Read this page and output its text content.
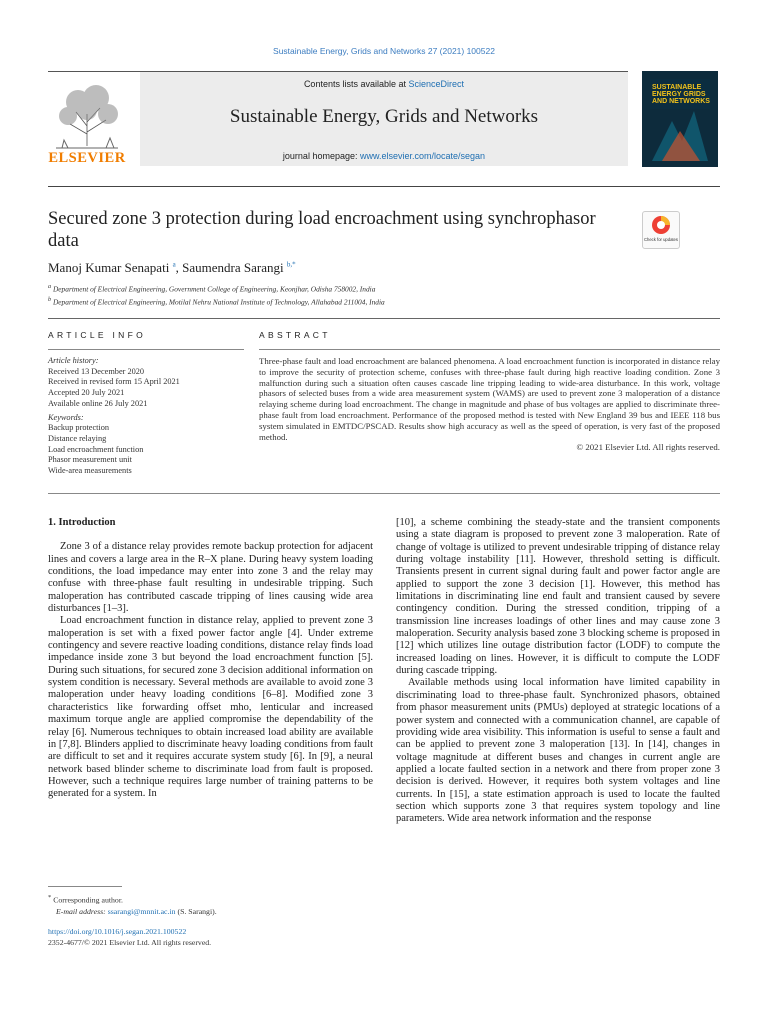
Sustainable Energy, Grids and Networks 27 (2021) 100522
ELSEVIER
Contents lists available at ScienceDirect
Sustainable Energy, Grids and Networks
journal homepage: www.elsevier.com/locate/segan
SUSTAINABLE ENERGY GRIDS AND NETWORKS
Secured zone 3 protection during load encroachment using synchrophasor data	Check for updates
Manoj Kumar Senapati $^a$, Saumendra Sarangi $^{b,*}$
$^a$ Department of Electrical Engineering, Government College of Engineering, Keonjhar, Odisha 758002, India
$^b$ Department of Electrical Engineering, Motilal Nehru National Institute of Technology, Allahabad 211004, India
ARTICLE INFO	ABSTRACT
Article history:
Received 13 December 2020
Received in revised form 15 April 2021
Accepted 20 July 2021
Available online 26 July 2021
Keywords:
Backup protection
Distance relaying
Load encroachment function
Phasor measurement unit
Wide-area measurements
Three-phase fault and load encroachment are balanced phenomena. A load encroachment function is incorporated in distance relay to improve the security of protection scheme, confuses with three-phase fault during high reactive loading condition. Zone 3 malfunction during such a situation often causes cascade line tripping leading to wide-area disturbance. In this work, voltage phasors of selected buses from a wide area measurement system (WAMS) are used to prevent zone 3 maloperation of a distance relaying scheme during load encroachment. The change in magnitude and phase of bus voltages are applied to discriminate three-phase fault from load encroachment. Performance of the proposed method is tested with New England 39 bus and IEEE 118 bus system simulated in EMTDC/PSCAD. Results show high accuracy as well as the speed of operation, is very fast of the proposed method.
© 2021 Elsevier Ltd. All rights reserved.
1. Introduction

Zone 3 of a distance relay provides remote backup protection for adjacent lines and covers a large area in the R–X plane. During heavy system loading conditions, the load impedance may enter into zone 3 and the relay may confuse with three-phase fault resulting in undesirable tripping. Such maloperation has contributed cascade tripping of lines causing wide area disturbances [1–3].

Load encroachment function in distance relay, applied to prevent zone 3 maloperation is set with a fixed power factor angle [4]. Under extreme contingency and severe reactive loading conditions, distance relay finds load impedance inside zone 3 but beyond the load encroachment function [5]. During such situations, for secured zone 3 decision additional information on system condition is necessary. Several methods are available to avoid zone 3 maloperation under heavy loading conditions [6–8]. Modified zone 3 characteristics like forwarding offset mho, lenticular and increased maximum torque angle are applied compromise the dependability of the relay [6]. Numerous techniques to obtain increased load ability are available in [7,8]. Blinders applied to discriminate heavy loading conditions from fault are difficult to set and it requires accurate system study [6]. In [9], a neural network based blinder scheme to discriminate load from fault is proposed. However, such a technique requires large number of training patterns to be generated for a system. In

[10], a scheme combining the steady-state and the transient components using a state diagram is proposed to prevent zone 3 maloperation. Rate of change of voltage is utilized to prevent undesirable tripping of distance relay during voltage instability [11]. However, threshold setting is difficult. Transients present in current signal during fault and power factor angle are applied to support the zone 3 decision [1]. However, this method has limitations in discriminating line end fault and transient caused by severe contingency condition. During the stressed condition, tripping of a transmission line increases loadings of other lines and may cause zone 3 maloperation. Security analysis based zone 3 blocking scheme is proposed in [12] which utilizes line outage distribution factor (LODF) to compute the increased loading on lines. However, it is difficult to compute the LODF during cascade tripping.

Available methods using local information have limited capability in discriminating load to three-phase fault. Synchronized phasors, obtained from phasor measurement units (PMUs) deployed at strategic locations of a power system and connected with a communication channel, are capable of providing wide area visibility. This information is useful to sense a fault and can be applied to prevent zone 3 maloperation [13]. In [14], changes in voltage magnitude at different buses and changes in current angle are applied a locate faulted section in a network and there from proper zone 3 decision is derived. However, it requires both system voltages and line currents. In [15], a state estimation approach is used to locate the faulted section which supports zone 3 that requires system topology and line parameters. Wide area network information and the response

* Corresponding author.
E-mail address: ssarangi@mnnit.ac.in (S. Sarangi).
https://doi.org/10.1016/j.segan.2021.100522
2352-4677/© 2021 Elsevier Ltd. All rights reserved.
